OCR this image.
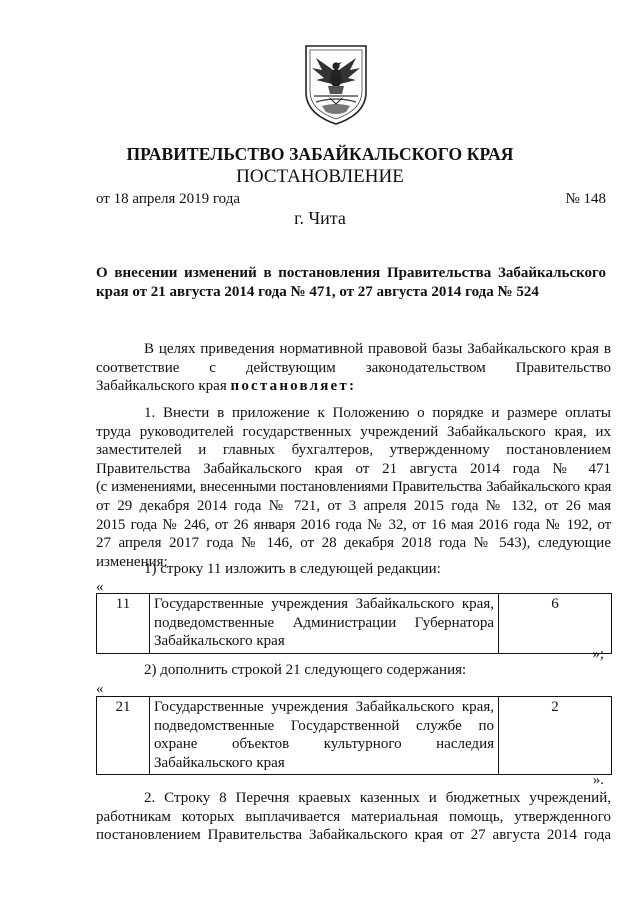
ПРАВИТЕЛЬСТВО ЗАБАЙКАЛЬСКОГО КРАЯ
ПОСТАНОВЛЕНИЕ
от 18 апреля 2019 года	№ 148
г. Чита
О внесении изменений в постановления Правительства Забайкальского края от 21 августа 2014 года № 471, от 27 августа 2014 года № 524
В целях приведения нормативной правовой базы Забайкальского края в
соответствие с действующим законодательством Правительство
Забайкальского края постановляет:
1. Внести в приложение к Положению о порядке и размере оплаты
труда руководителей государственных учреждений Забайкальского края, их
заместителей и главных бухгалтеров, утвержденному постановлением
Правительства Забайкальского края от 21 августа 2014 года № 471
(с изменениями, внесенными постановлениями Правительства Забайкальского края
от 29 декабря 2014 года № 721, от 3 апреля 2015 года № 132, от 26 мая
2015 года № 246, от 26 января 2016 года № 32, от 16 мая 2016 года № 192, от
27 апреля 2017 года № 146, от 28 декабря 2018 года № 543), следующие
изменения:
1) строку 11 изложить в следующей редакции:
«
11	Государственные учреждения Забайкальского края,
подведомственные Администрации Губернатора
Забайкальского края
	6
»;
2) дополнить строкой 21 следующего содержания:
«
21	Государственные учреждения Забайкальского края,
подведомственные Государственной службе по
охране объектов культурного наследия
Забайкальского края
	2
».
2. Строку 8 Перечня краевых казенных и бюджетных учреждений,
работникам которых выплачивается материальная помощь, утвержденного
постановлением Правительства Забайкальского края от 27 августа 2014 года
